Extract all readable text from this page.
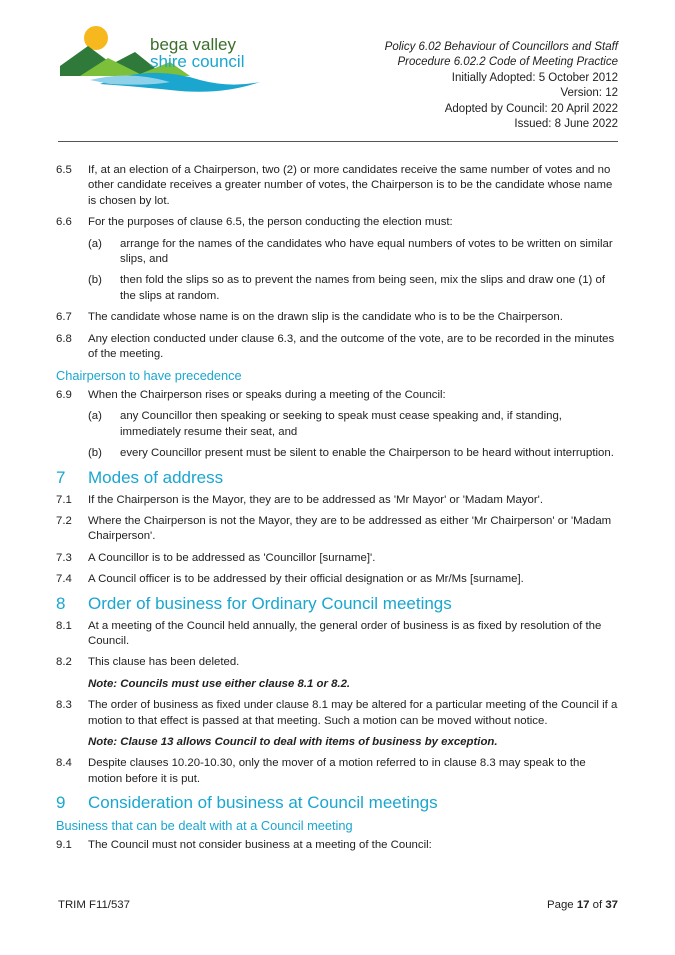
bega valley
shire council
Policy 6.02 Behaviour of Councillors and Staff
Procedure 6.02.2 Code of Meeting Practice
Initially Adopted: 5 October 2012
Version: 12
Adopted by Council: 20 April 2022
Issued: 8 June 2022
6.5	If, at an election of a Chairperson, two (2) or more candidates receive the same number of votes and no other candidate receives a greater number of votes, the Chairperson is to be the candidate whose name is chosen by lot.
6.6	For the purposes of clause 6.5, the person conducting the election must:
(a)	arrange for the names of the candidates who have equal numbers of votes to be written on similar slips, and
(b)	then fold the slips so as to prevent the names from being seen, mix the slips and draw one (1) of the slips at random.
6.7	The candidate whose name is on the drawn slip is the candidate who is to be the Chairperson.
6.8	Any election conducted under clause 6.3, and the outcome of the vote, are to be recorded in the minutes of the meeting.
Chairperson to have precedence
6.9	When the Chairperson rises or speaks during a meeting of the Council:
(a)	any Councillor then speaking or seeking to speak must cease speaking and, if standing, immediately resume their seat, and
(b)	every Councillor present must be silent to enable the Chairperson to be heard without interruption.
7	Modes of address
7.1	If the Chairperson is the Mayor, they are to be addressed as 'Mr Mayor' or 'Madam Mayor'.
7.2	Where the Chairperson is not the Mayor, they are to be addressed as either 'Mr Chairperson' or 'Madam Chairperson'.
7.3	A Councillor is to be addressed as 'Councillor [surname]'.
7.4	A Council officer is to be addressed by their official designation or as Mr/Ms [surname].
8	Order of business for Ordinary Council meetings
8.1	At a meeting of the Council held annually, the general order of business is as fixed by resolution of the Council.
8.2	This clause has been deleted.
Note: Councils must use either clause 8.1 or 8.2.
8.3	The order of business as fixed under clause 8.1 may be altered for a particular meeting of the Council if a motion to that effect is passed at that meeting. Such a motion can be moved without notice.
Note: Clause 13 allows Council to deal with items of business by exception.
8.4	Despite clauses 10.20-10.30, only the mover of a motion referred to in clause 8.3 may speak to the motion before it is put.
9	Consideration of business at Council meetings
Business that can be dealt with at a Council meeting
9.1	The Council must not consider business at a meeting of the Council:
TRIM F11/537	Page 17 of 37
